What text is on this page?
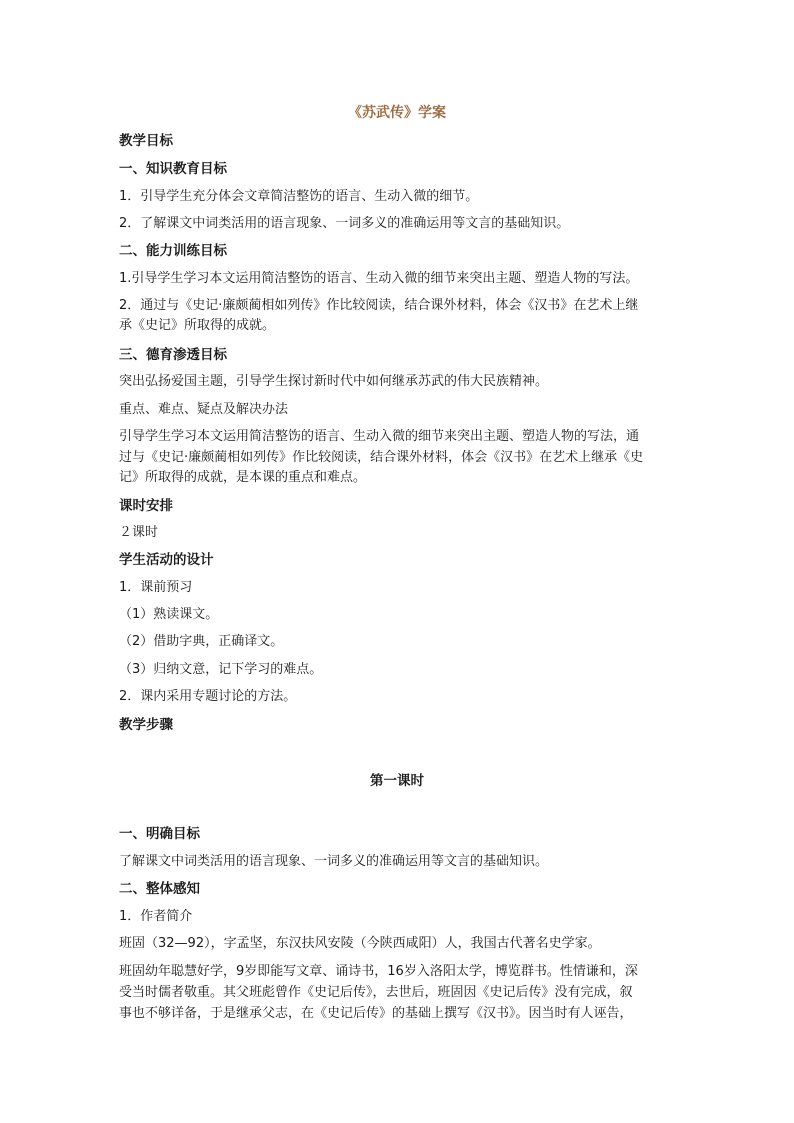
《苏武传》学案
教学目标
一、知识教育目标
1．引导学生充分体会文章简洁整饬的语言、生动入微的细节。
2．了解课文中词类活用的语言现象、一词多义的准确运用等文言的基础知识。
二、能力训练目标
1.引导学生学习本文运用简洁整饬的语言、生动入微的细节来突出主题、塑造人物的写法。
2．通过与《史记·廉颇蔺相如列传》作比较阅读，结合课外材料，体会《汉书》在艺术上继
承《史记》所取得的成就。
三、德育渗透目标
突出弘扬爱国主题，引导学生探讨新时代中如何继承苏武的伟大民族精神。
重点、难点、疑点及解决办法
引导学生学习本文运用简洁整饬的语言、生动入微的细节来突出主题、塑造人物的写法，通
过与《史记·廉颇蔺相如列传》作比较阅读，结合课外材料，体会《汉书》在艺术上继承《史
记》所取得的成就，是本课的重点和难点。
课时安排
２课时
学生活动的设计
1．课前预习
（1）熟读课文。
（2）借助字典，正确译文。
（3）归纳文意，记下学习的难点。
2．课内采用专题讨论的方法。
教学步骤
第一课时
一、明确目标
了解课文中词类活用的语言现象、一词多义的准确运用等文言的基础知识。
二、整体感知
1．作者简介
班固（32—92），字孟坚，东汉扶风安陵（今陕西咸阳）人，我国古代著名史学家。
班固幼年聪慧好学，9岁即能写文章、诵诗书，16岁入洛阳太学，博览群书。性情谦和，深
受当时儒者敬重。其父班彪曾作《史记后传》，去世后，班固因《史记后传》没有完成，叙
事也不够详备，于是继承父志，在《史记后传》的基础上撰写《汉书》。因当时有人诬告，
